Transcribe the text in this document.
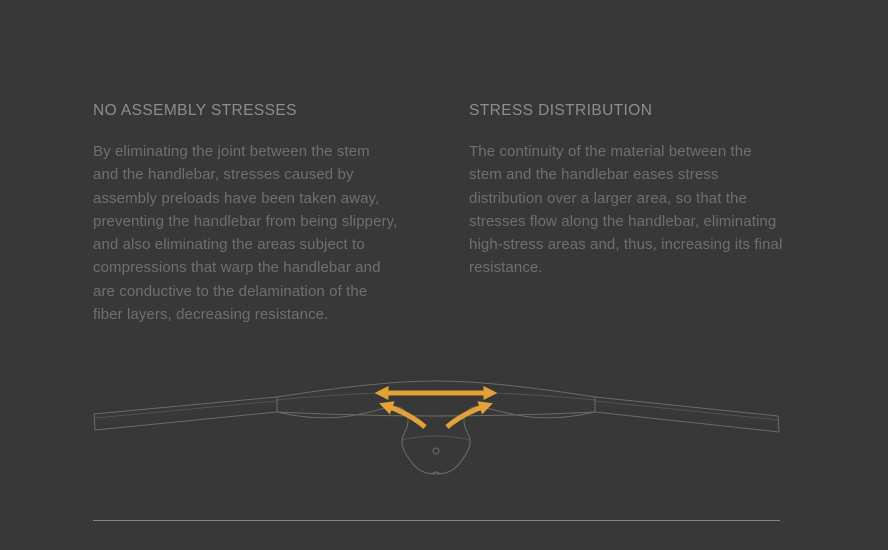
NO ASSEMBLY STRESSES

By eliminating the joint between the stem and the handlebar, stresses caused by assembly preloads have been taken away, preventing the handlebar from being slippery, and also eliminating the areas subject to compressions that warp the handlebar and are conductive to the delamination of the fiber layers, decreasing resistance.

STRESS DISTRIBUTION

The continuity of the material between the stem and the handlebar eases stress distribution over a larger area, so that the stresses flow along the handlebar, eliminating high-stress areas and, thus, increasing its final resistance.
